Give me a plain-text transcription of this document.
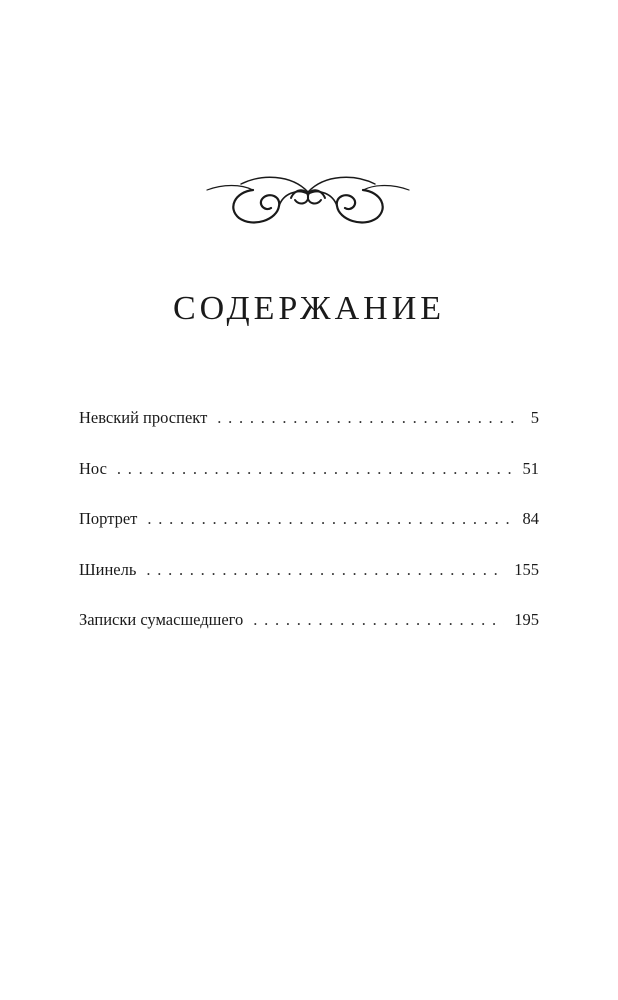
СОДЕРЖАНИЕ
Невский проспект . . .	5
Нос . . .	51
Портрет . . .	84
Шинель . . .	155
Записки сумасшедшего . . .	195
